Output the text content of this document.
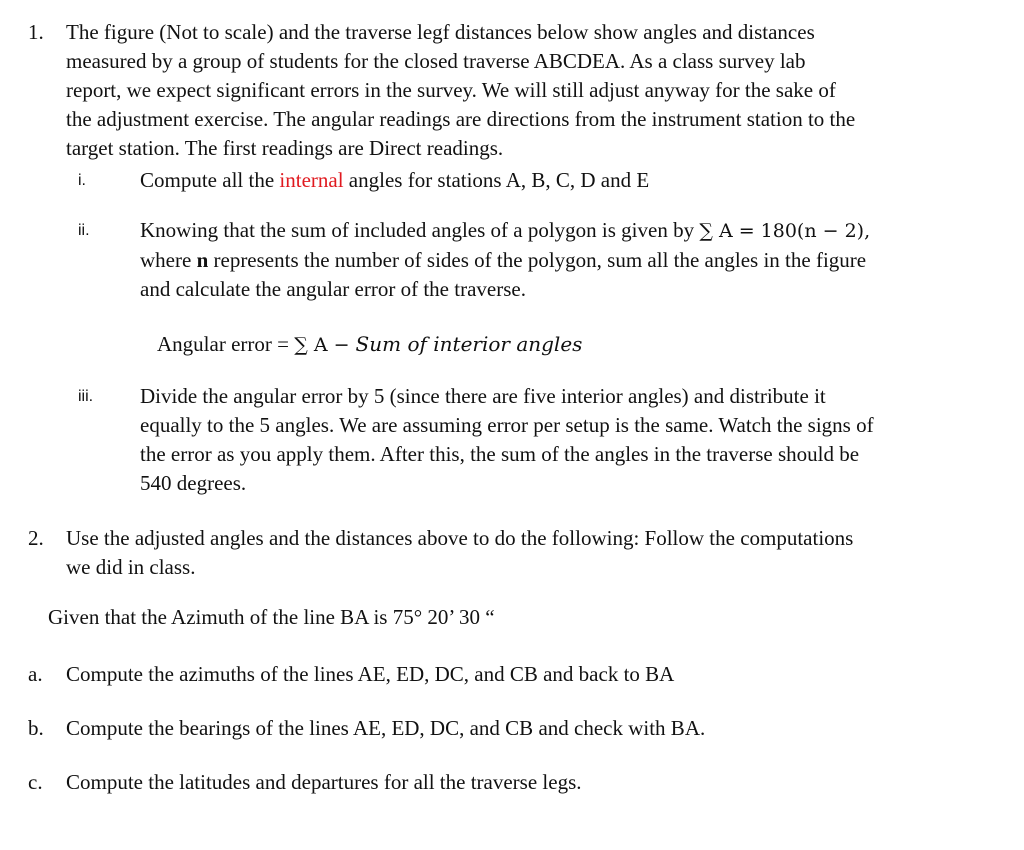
1. The figure (Not to scale) and the traverse legf distances below show angles and distances
measured by a group of students for the closed traverse ABCDEA. As a class survey lab
report, we expect significant errors in the survey. We will still adjust anyway for the sake of
the adjustment exercise. The angular readings are directions from the instrument station to the
target station. The first readings are Direct readings.
i.	Compute all the internal angles for stations A, B, C, D and E
ii. Knowing that the sum of included angles of a polygon is given by ∑ A = 180(n − 2),
where n represents the number of sides of the polygon, sum all the angles in the figure
and calculate the angular error of the traverse.
Angular error = ∑ A − Sum of interior angles
iii. Divide the angular error by 5 (since there are five interior angles) and distribute it
equally to the 5 angles. We are assuming error per setup is the same. Watch the signs of
the error as you apply them. After this, the sum of the angles in the traverse should be
540 degrees.
2. Use the adjusted angles and the distances above to do the following: Follow the computations
we did in class.
Given that the Azimuth of the line BA is 75° 20’ 30 “
a. Compute the azimuths of the lines AE, ED, DC, and CB and back to BA
b. Compute the bearings of the lines AE, ED, DC, and CB and check with BA.
c. Compute the latitudes and departures for all the traverse legs.
